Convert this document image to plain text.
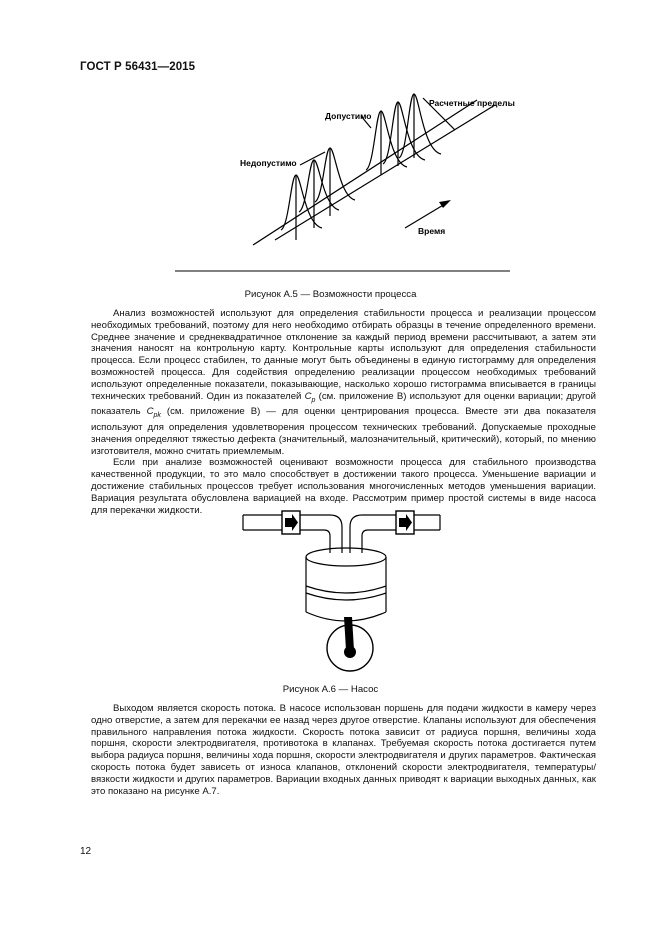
ГОСТ Р 56431—2015
Недопустимо
Допустимо
Расчетные пределы
Время
Рисунок А.5 — Возможности процесса

Анализ возможностей используют для определения стабильности процесса и реализации процессом необходимых требований, поэтому для него необходимо отбирать образцы в течение определенного времени. Среднее значение и среднеквадратичное отклонение за каждый период времени рассчитывают, а затем эти значения наносят на контрольную карту. Контрольные карты используют для определения стабильности процесса. Если процесс стабилен, то данные могут быть объединены в единую гистограмму для определения возможностей процесса. Для содействия определению реализации процессом необходимых требований используют определенные показатели, показывающие, насколько хорошо гистограмма вписывается в границы технических требований. Один из показателей $C_p$ (см. приложение В) используют для оценки вариации; другой показатель $C_{pk}$ (см. приложение В) — для оценки центрирования процесса. Вместе эти два показателя используют для определения удовлетворения процессом технических требований. Допускаемые проходные значения определяют тяжестью дефекта (значительный, малозначительный, критический), который, по мнению изготовителя, можно считать приемлемым.

Если при анализе возможностей оценивают возможности процесса для стабильного производства качественной продукции, то это мало способствует в достижении такого процесса. Уменьшение вариации и достижение стабильных процессов требует использования многочисленных методов уменьшения вариации. Вариация результата обусловлена вариацией на входе. Рассмотрим пример простой системы в виде насоса для перекачки жидкости.

Рисунок А.6 — Насос

Выходом является скорость потока. В насосе использован поршень для подачи жидкости в камеру через одно отверстие, а затем для перекачки ее назад через другое отверстие. Клапаны используют для обеспечения правильного направления потока жидкости. Скорость потока зависит от радиуса поршня, величины хода поршня, скорости электродвигателя, противотока в клапанах. Требуемая скорость потока достигается путем выбора радиуса поршня, величины хода поршня, скорости электродвигателя и других параметров. Фактическая скорость потока будет зависеть от износа клапанов, отклонений скорости электродвигателя, температуры/вязкости жидкости и других параметров. Вариации входных данных приводят к вариации выходных данных, как это показано на рисунке А.7.

12
